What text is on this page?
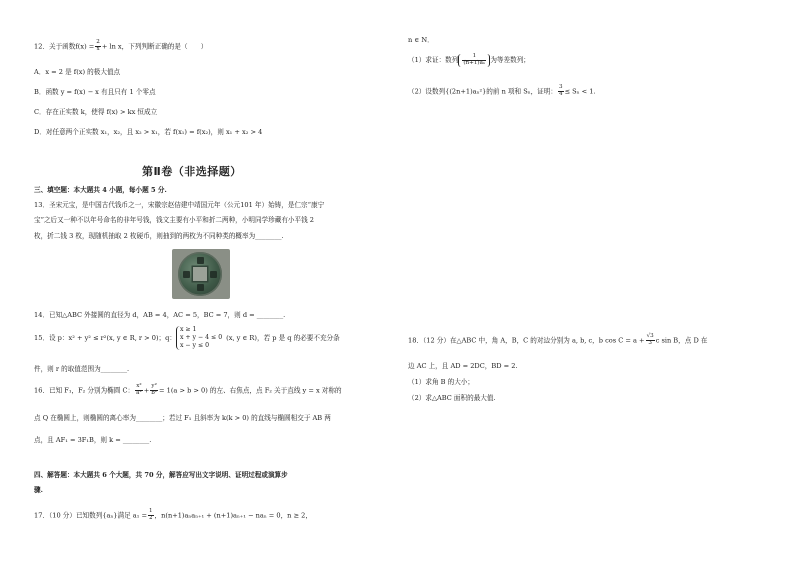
12．关于函数$f(x) = \frac{2}{x} + \ln x$，下列判断正确的是（　　）
A．x = 2 是 f(x) 的极大值点
B．函数 y = f(x) − x 有且只有 1 个零点
C．存在正实数 k，使得 f(x) > kx 恒成立
D．对任意两个正实数 x₁，x₂，且 x₂ > x₁，若 f(x₁) = f(x₂)，则 x₁ + x₂ > 4
第Ⅱ卷（非选择题）
三、填空题：本大题共 4 小题，每小题 5 分.
13．圣宋元宝，是中国古代钱币之一，宋徽宗赵佶建中靖国元年（公元101 年）始铸，是仁宗“康宁
宝”之后又一种不以年号命名的非年号钱，钱文主要有小平和折二两种，小明同学珍藏有小平钱 2
枚，折二钱 3 枚，现随机抽取 2 枚硬币，则抽到的两枚为不同种类的概率为________.
14．已知△ABC 外接圆的直径为 d，AB = 4，AC = 5，BC = 7，则 d = ________.
15．设 p：x² + y² ≤ r²(x, y ∈ R, r > 0)；q：
x ≥ 1
x + y − 4 ≤ 0
x − y ≤ 0
(x, y ∈ R)，若 p 是 q 的必要不充分条
件，则 r 的取值范围为________.
16．已知 F₁，F₂ 分别为椭圆 C： $\frac{\text{x²}}{\text{a²}} + \frac{\text{y²}}{\text{b²}} = 1(a > b > 0)$ 的左、右焦点，点 F₂ 关于直线 y = x 对称的
点 Q 在椭圆上，则椭圆的离心率为________；若过 F₁ 且斜率为 k(k > 0) 的直线与椭圆相交于 AB 两
点，且 AF₁ = 3F₁B，则 k = ________.
四、解答题：本大题共 6 个大题，共 70 分，解答应写出文字说明、证明过程或演算步
骤.
17．（10 分）已知数列{aₙ}满足 $a_1 = \frac{1}{2}$ ，n(n+1)aₙaₙ₊₁ + (n+1)aₙ₊₁ − naₙ = 0，n ≥ 2，
n ∈ N．
（1）求证：数列 $\frac{1}{\text{(n+1)aₙ}}$ 为等差数列；
（2）设数列{(2n+1)aₙ²}的前 n 项和 Sₙ，证明： $\frac{3}{4} \le S_n < 1$.
18．（12 分）在△ABC 中，角 A，B，C 的对边分别为 a, b, c，b $\cos C = a + \frac{√3}{3}$ c sin B，点 D 在
边 AC 上，且 AD = 2DC，BD = 2.
（1）求角 B 的大小；
（2）求△ABC 面积的最大值.
